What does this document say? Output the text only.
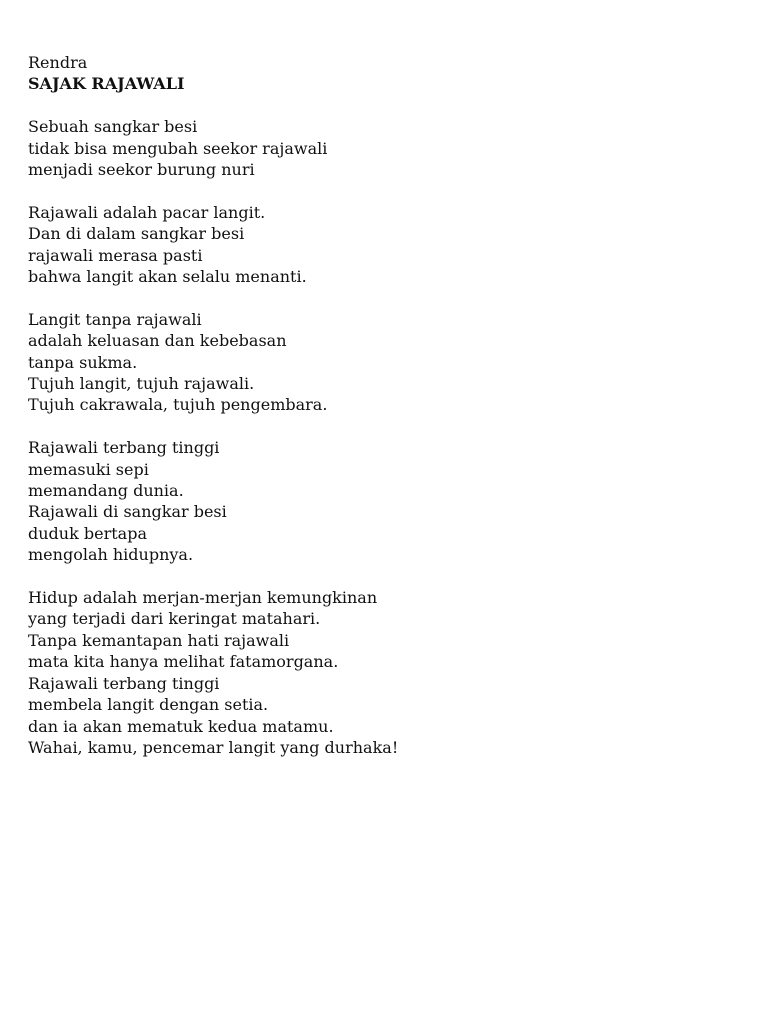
Rendra
SAJAK RAJAWALI
Sebuah sangkar besi
tidak bisa mengubah seekor rajawali
menjadi seekor burung nuri
Rajawali adalah pacar langit.
Dan di dalam sangkar besi
rajawali merasa pasti
bahwa langit akan selalu menanti.
Langit tanpa rajawali
adalah keluasan dan kebebasan
tanpa sukma.
Tujuh langit, tujuh rajawali.
Tujuh cakrawala, tujuh pengembara.
Rajawali terbang tinggi
memasuki sepi
memandang dunia.
Rajawali di sangkar besi
duduk bertapa
mengolah hidupnya.
Hidup adalah merjan-merjan kemungkinan
yang terjadi dari keringat matahari.
Tanpa kemantapan hati rajawali
mata kita hanya melihat fatamorgana.
Rajawali terbang tinggi
membela langit dengan setia.
dan ia akan mematuk kedua matamu.
Wahai, kamu, pencemar langit yang durhaka!
